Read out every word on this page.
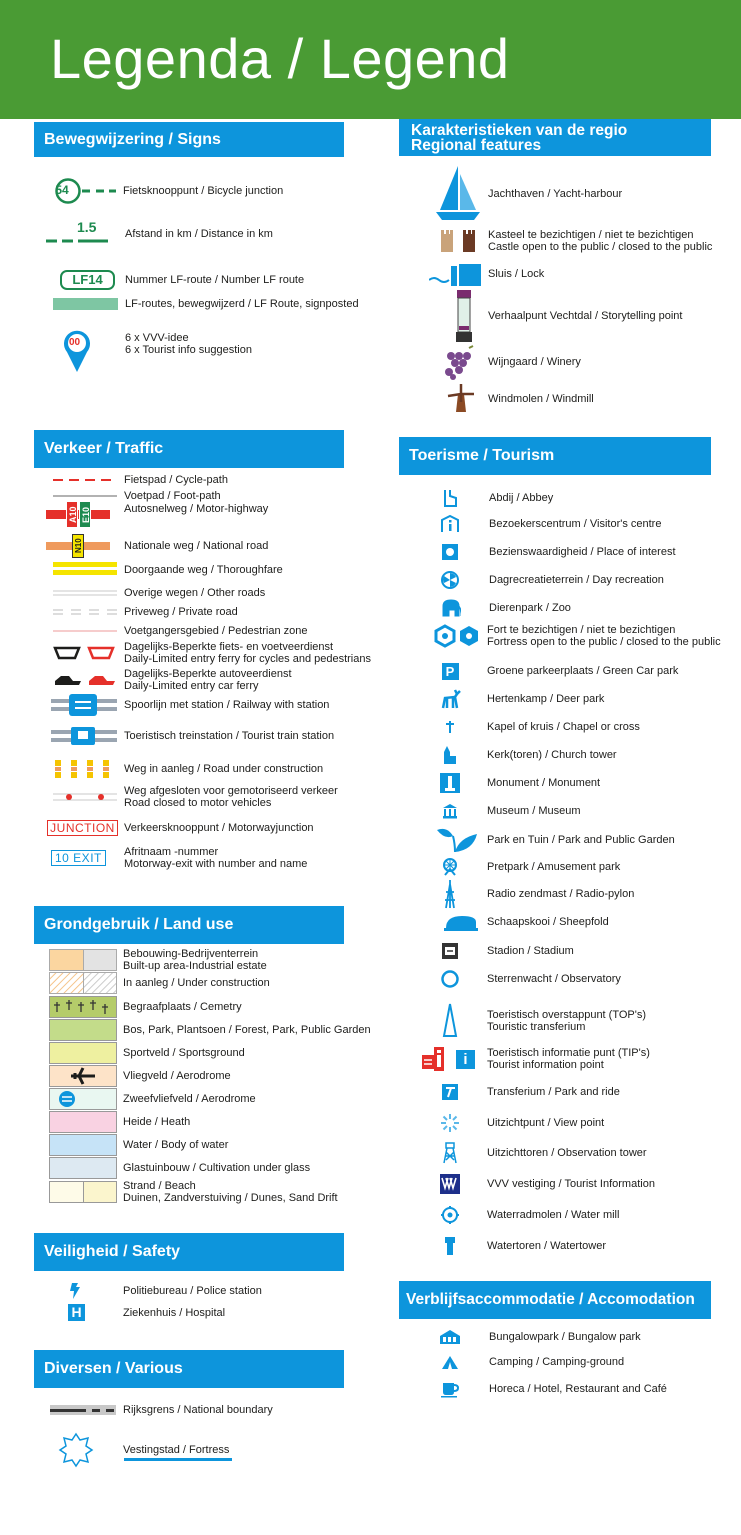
Legenda / Legend
Bewegwijzering / Signs
54	Fietsknooppunt / Bicycle junction
1.5	Afstand in km / Distance in km
LF14	Nummer LF-route / Number LF route
LF-routes, bewegwijzerd / LF Route, signposted
00	6 x VVV-idee
6 x Tourist info suggestion
Verkeer / Traffic
Fietspad / Cycle-path
Voetpad / Foot-path
A10 E10	Autosnelweg / Motor-highway
N10	Nationale weg / National road
Doorgaande weg / Thoroughfare
Overige wegen / Other roads
Priveweg / Private road
Voetgangersgebied / Pedestrian zone
Dagelijks-Beperkte fiets- en voetveerdienst
Daily-Limited entry ferry for cycles and pedestrians
Dagelijks-Beperkte autoveerdienst
Daily-Limited entry car ferry
Spoorlijn met station / Railway with station
Toeristisch treinstation / Tourist train station
Weg in aanleg / Road under construction
Weg afgesloten voor gemotoriseerd verkeer
Road closed to motor vehicles
JUNCTION Verkeersknooppunt / Motorwayjunction
10 EXIT	Afritnaam -nummer
Motorway-exit with number and name
Grondgebruik / Land use
Bebouwing-Bedrijventerrein
Built-up area-Industrial estate
In aanleg / Under construction
Begraafplaats / Cemetry
Bos, Park, Plantsoen / Forest, Park, Public Garden
Sportveld / Sportsground
Vliegveld / Aerodrome
Zweefvliefveld / Aerodrome
Heide / Heath
Water / Body of water
Glastuinbouw / Cultivation under glass
Strand / Beach
Duinen, Zandverstuiving / Dunes, Sand Drift
Veiligheid / Safety
Politiebureau / Police station
H	Ziekenhuis / Hospital
Diversen / Various
Rijksgrens / National boundary
Vestingstad / Fortress
Karakteristieken van de regio
Regional features
Jachthaven / Yacht-harbour
Kasteel te bezichtigen / niet te bezichtigen
Castle open to the public / closed to the public
Sluis / Lock
Verhaalpunt Vechtdal / Storytelling point
Wijngaard / Winery
Windmolen / Windmill
Toerisme / Tourism
Abdij / Abbey
Bezoekerscentrum / Visitor's centre
Bezienswaardigheid / Place of interest
Dagrecreatieterrein / Day recreation
Dierenpark / Zoo
Fort te bezichtigen / niet te bezichtigen
Fortress open to the public / closed to the public
P	Groene parkeerplaats / Green Car park
Hertenkamp / Deer park
Kapel of kruis / Chapel or cross
Kerk(toren) / Church tower
Monument / Monument
Museum / Museum
Park en Tuin / Park and Public Garden
Pretpark / Amusement park
Radio zendmast / Radio-pylon
Schaapskooi / Sheepfold
Stadion / Stadium
Sterrenwacht / Observatory
Toeristisch overstappunt (TOP's)
Touristic transferium
i	Toeristisch informatie punt (TIP's)
Tourist information point
Transferium / Park and ride
Uitzichtpunt / View point
Uitzichttoren / Observation tower
VVV vestiging / Tourist Information
Waterradmolen / Water mill
Watertoren / Watertower
Verblijfsaccommodatie / Accomodation
Bungalowpark / Bungalow park
Camping / Camping-ground
Horeca / Hotel, Restaurant and Café
